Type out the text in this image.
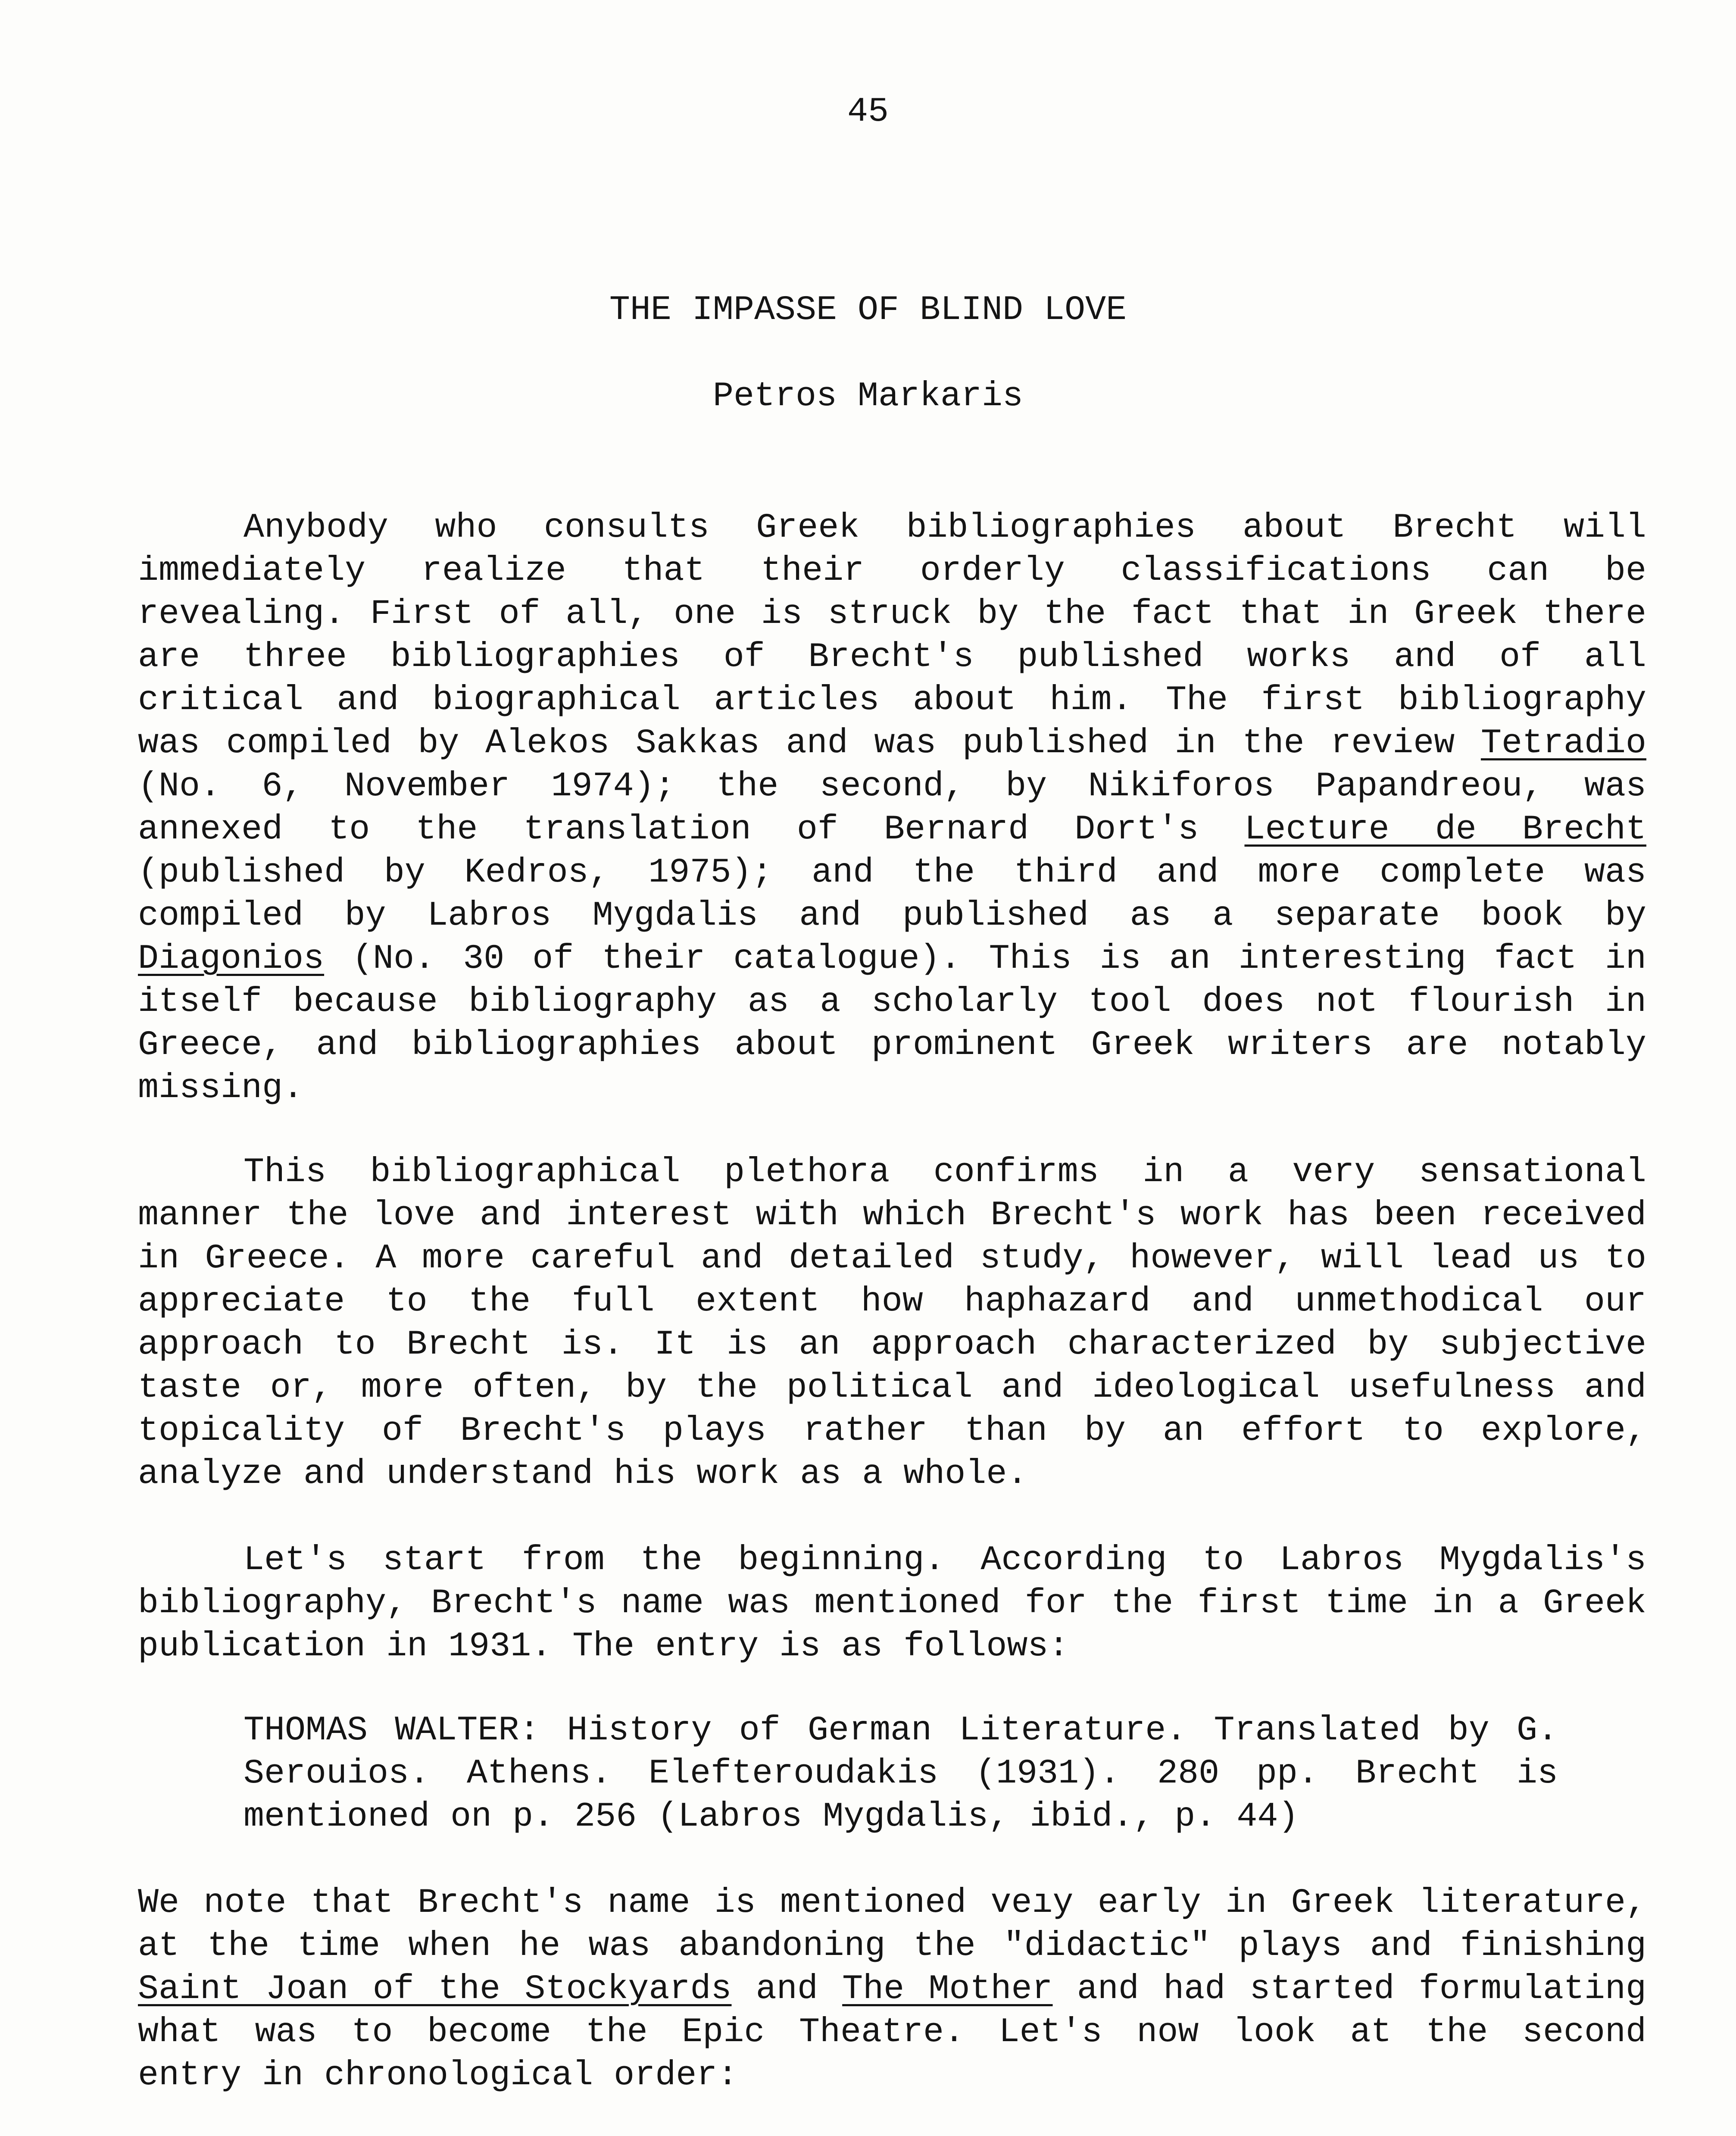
45
THE IMPASSE OF BLIND LOVE
Petros Markaris
Anybody who consults Greek bibliographies about Brecht will
immediately realize that their orderly classifications can be
revealing. First of all, one is struck by the fact that in Greek there
are three bibliographies of Brecht's published works and of all
critical and biographical articles about him. The first bibliography
was compiled by Alekos Sakkas and was published in the review Tetradio
(No. 6, November 1974); the second, by Nikiforos Papandreou, was
annexed to the translation of Bernard Dort's Lecture de Brecht
(published by Kedros, 1975); and the third and more complete was
compiled by Labros Mygdalis and published as a separate book by
Diagonios (No. 30 of their catalogue). This is an interesting fact in
itself because bibliography as a scholarly tool does not flourish in
Greece, and bibliographies about prominent Greek writers are notably
missing.
This bibliographical plethora confirms in a very sensational
manner the love and interest with which Brecht's work has been received
in Greece. A more careful and detailed study, however, will lead us to
appreciate to the full extent how haphazard and unmethodical our
approach to Brecht is. It is an approach characterized by subjective
taste or, more often, by the political and ideological usefulness and
topicality of Brecht's plays rather than by an effort to explore,
analyze and understand his work as a whole.
Let's start from the beginning. According to Labros Mygdalis's
bibliography, Brecht's name was mentioned for the first time in a Greek
publication in 1931. The entry is as follows:
THOMAS WALTER: History of German Literature. Translated by G.
Serouios. Athens. Elefteroudakis (1931). 280 pp. Brecht is
mentioned on p. 256 (Labros Mygdalis, ibid., p. 44)
We note that Brecht's name is mentioned veıy early in Greek literature,
at the time when he was abandoning the "didactic" plays and finishing
Saint Joan of the Stockyards and The Mother and had started formulating
what was to become the Epic Theatre. Let's now look at the second
entry in chronological order:
